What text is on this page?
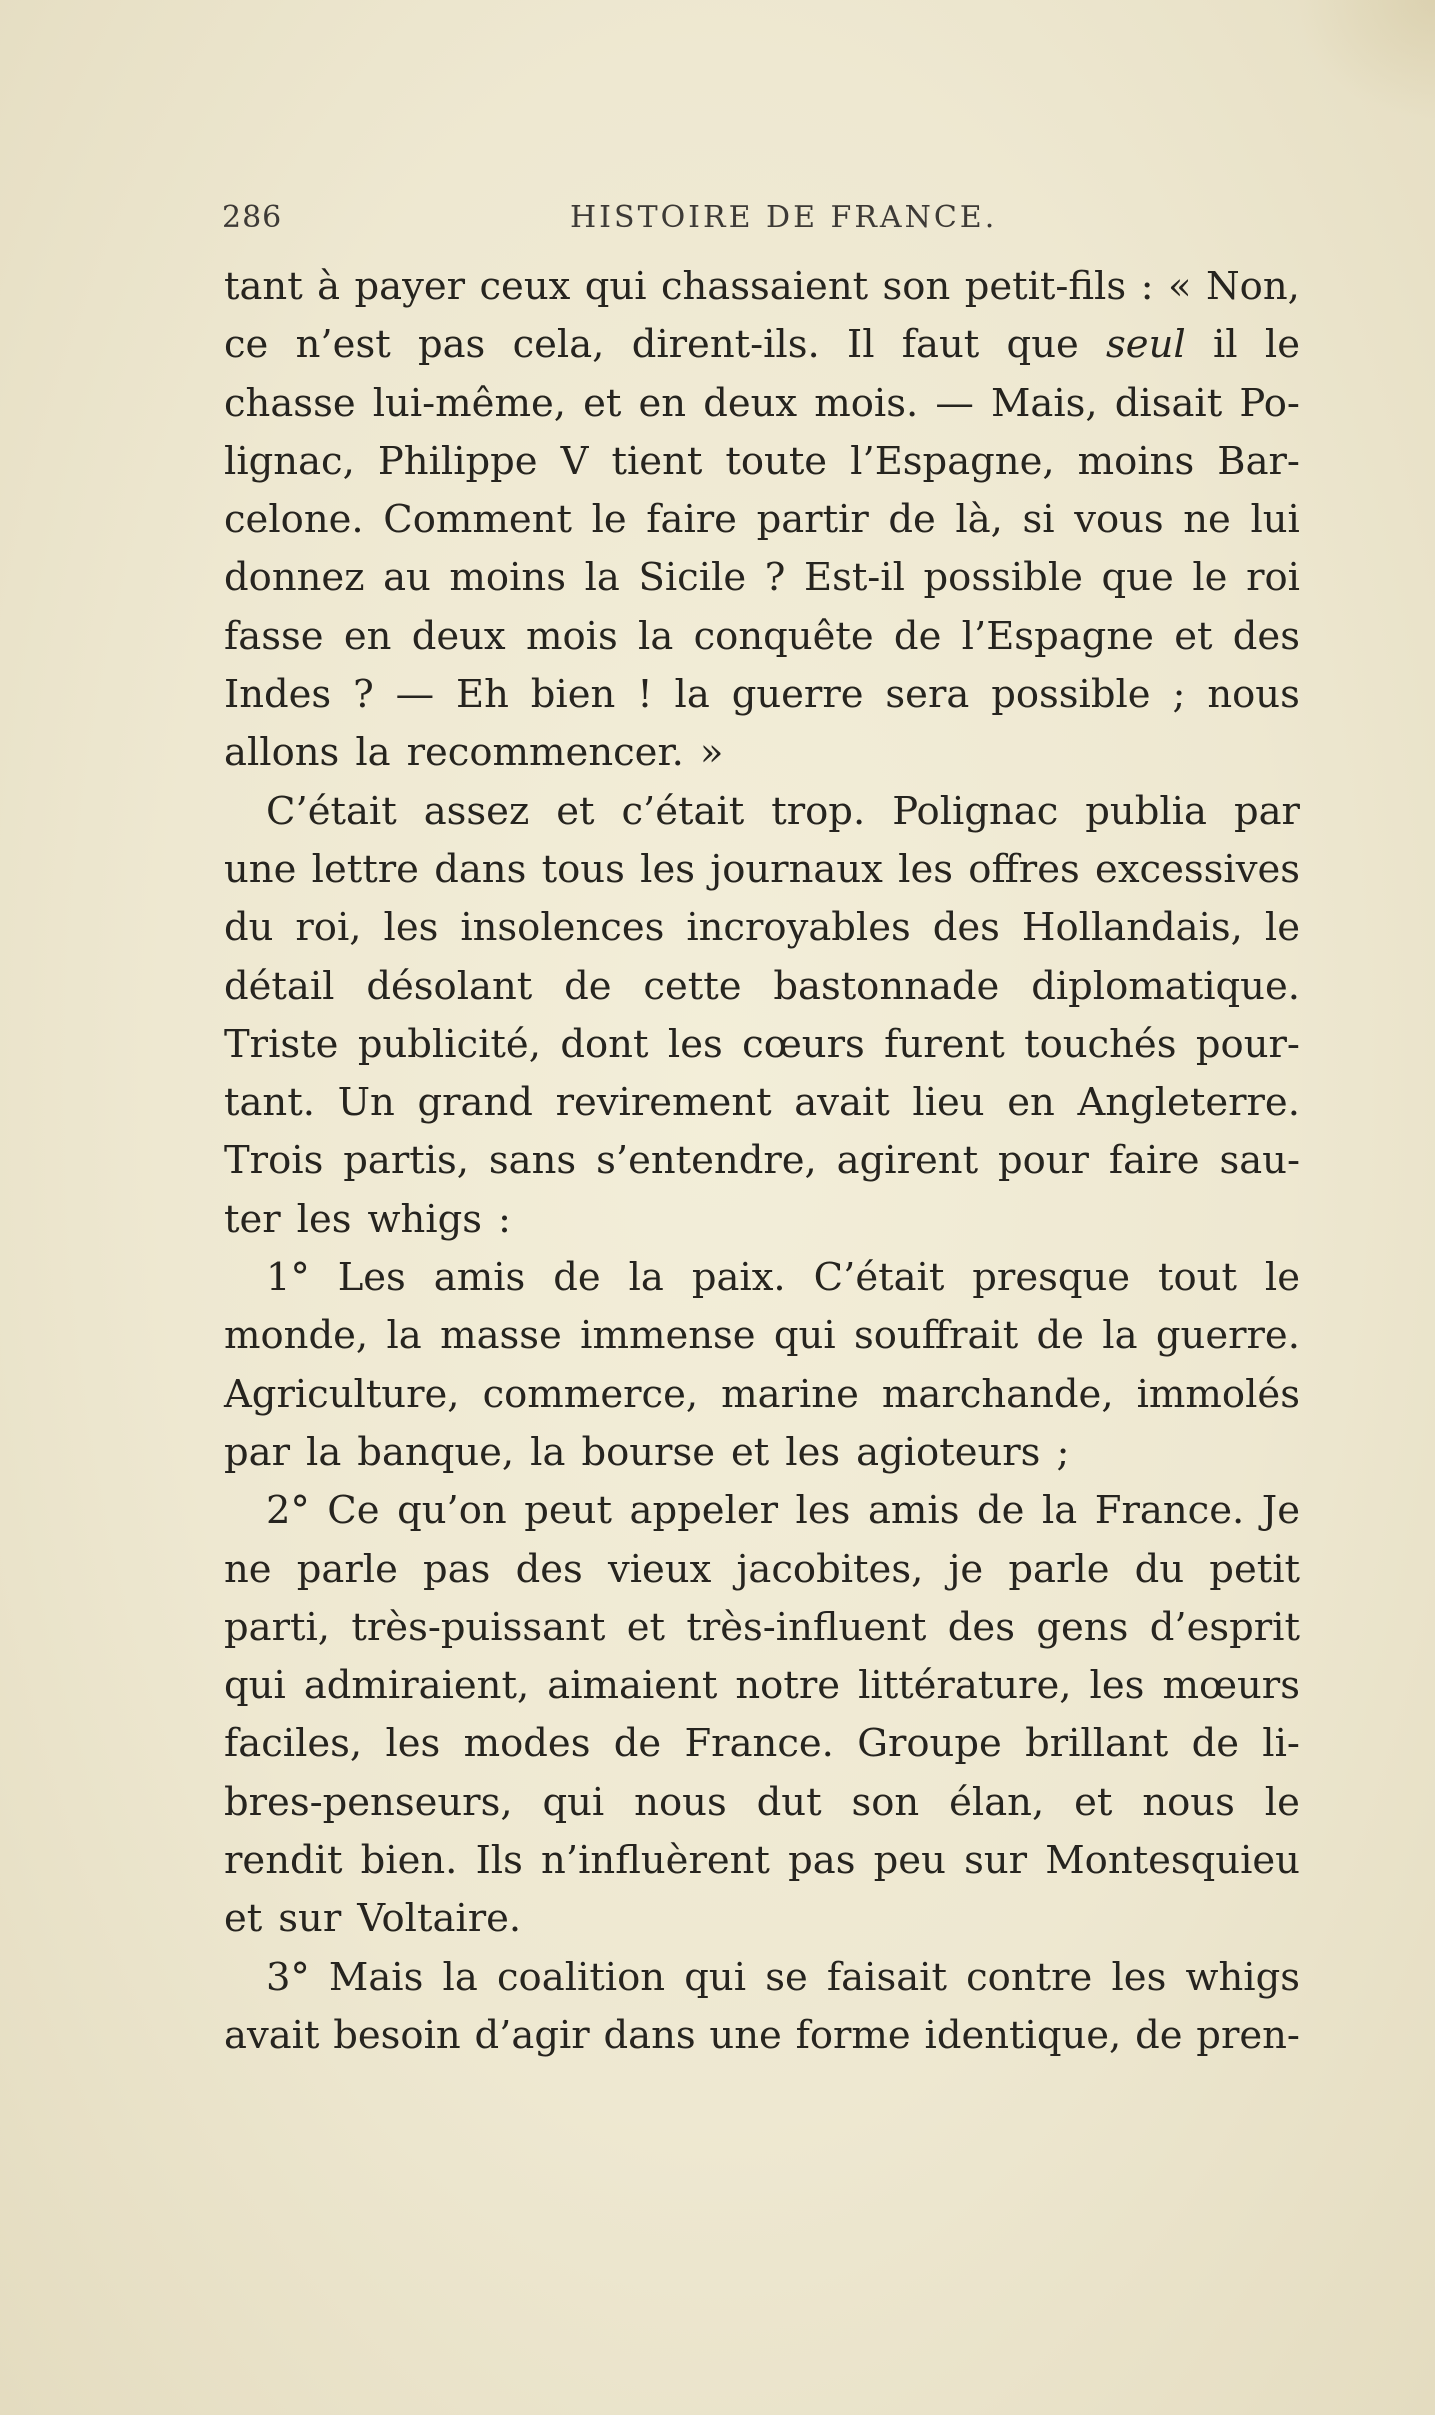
286	HISTOIRE DE FRANCE.
tant à payer ceux qui chassaient son petit-fils : « Non,
ce n’est pas cela, dirent-ils. Il faut que seul il le
chasse lui-même, et en deux mois. — Mais, disait Po-
lignac, Philippe V tient toute l’Espagne, moins Bar-
celone. Comment le faire partir de là, si vous ne lui
donnez au moins la Sicile ? Est-il possible que le roi
fasse en deux mois la conquête de l’Espagne et des
Indes ? — Eh bien ! la guerre sera possible ; nous
allons la recommencer. »
C’était assez et c’était trop. Polignac publia par
une lettre dans tous les journaux les offres excessives
du roi, les insolences incroyables des Hollandais, le
détail désolant de cette bastonnade diplomatique.
Triste publicité, dont les cœurs furent touchés pour-
tant. Un grand revirement avait lieu en Angleterre.
Trois partis, sans s’entendre, agirent pour faire sau-
ter les whigs :
1° Les amis de la paix. C’était presque tout le
monde, la masse immense qui souffrait de la guerre.
Agriculture, commerce, marine marchande, immolés
par la banque, la bourse et les agioteurs ;
2° Ce qu’on peut appeler les amis de la France. Je
ne parle pas des vieux jacobites, je parle du petit
parti, très-puissant et très-influent des gens d’esprit
qui admiraient, aimaient notre littérature, les mœurs
faciles, les modes de France. Groupe brillant de li-
bres-penseurs, qui nous dut son élan, et nous le
rendit bien. Ils n’influèrent pas peu sur Montesquieu
et sur Voltaire.
3° Mais la coalition qui se faisait contre les whigs
avait besoin d’agir dans une forme identique, de pren-
